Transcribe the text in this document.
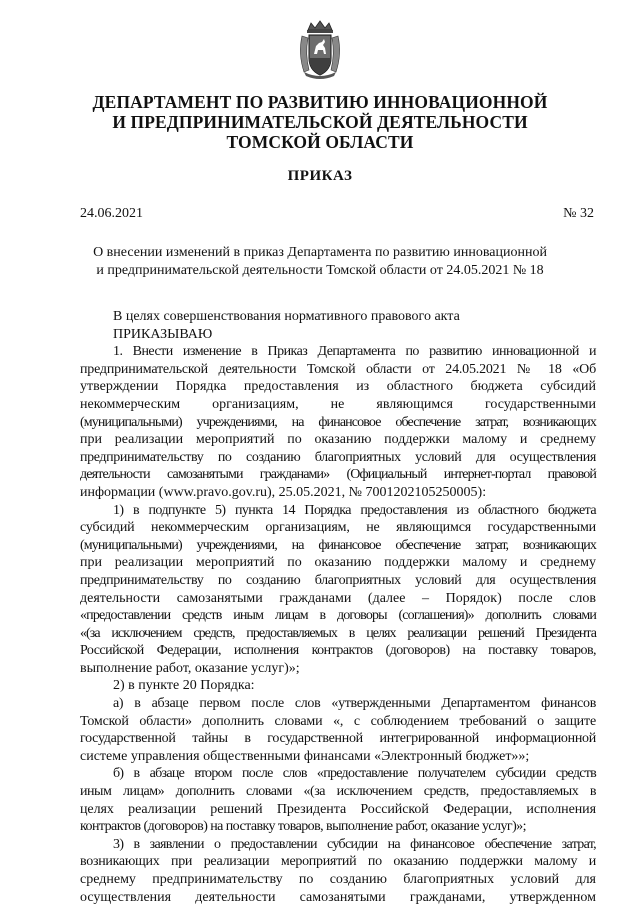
ДЕПАРТАМЕНТ ПО РАЗВИТИЮ ИННОВАЦИОННОЙ
И ПРЕДПРИНИМАТЕЛЬСКОЙ ДЕЯТЕЛЬНОСТИ
ТОМСКОЙ ОБЛАСТИ
ПРИКАЗ
24.06.2021	№ 32
О внесении изменений в приказ Департамента по развитию инновационной
и предпринимательской деятельности Томской области от 24.05.2021 № 18
В целях совершенствования нормативного правового акта
ПРИКАЗЫВАЮ
1. Внести изменение в Приказ Департамента по развитию инновационной и
предпринимательской деятельности Томской области от 24.05.2021 № 18 «Об
утверждении Порядка предоставления из областного бюджета субсидий
некоммерческим организациям, не являющимся государственными
(муниципальными) учреждениями, на финансовое обеспечение затрат, возникающих
при реализации мероприятий по оказанию поддержки малому и среднему
предпринимательству по созданию благоприятных условий для осуществления
деятельности самозанятыми гражданами» (Официальный интернет-портал правовой
информации (www.pravo.gov.ru), 25.05.2021, № 7001202105250005):
1) в подпункте 5) пункта 14 Порядка предоставления из областного бюджета
субсидий некоммерческим организациям, не являющимся государственными
(муниципальными) учреждениями, на финансовое обеспечение затрат, возникающих
при реализации мероприятий по оказанию поддержки малому и среднему
предпринимательству по созданию благоприятных условий для осуществления
деятельности самозанятыми гражданами (далее – Порядок) после слов
«предоставлении средств иным лицам в договоры (соглашения)» дополнить словами
«(за исключением средств, предоставляемых в целях реализации решений Президента
Российской Федерации, исполнения контрактов (договоров) на поставку товаров,
выполнение работ, оказание услуг)»;
2) в пункте 20 Порядка:
а) в абзаце первом после слов «утвержденными Департаментом финансов
Томской области» дополнить словами «, с соблюдением требований о защите
государственной тайны в государственной интегрированной информационной
системе управления общественными финансами «Электронный бюджет»»;
б) в абзаце втором после слов «предоставление получателем субсидии средств
иным лицам» дополнить словами «(за исключением средств, предоставляемых в
целях реализации решений Президента Российской Федерации, исполнения
контрактов (договоров) на поставку товаров, выполнение работ, оказание услуг)»;
3) в заявлении о предоставлении субсидии на финансовое обеспечение затрат,
возникающих при реализации мероприятий по оказанию поддержки малому и
среднему предпринимательству по созданию благоприятных условий для
осуществления деятельности самозанятыми гражданами, утвержденном
